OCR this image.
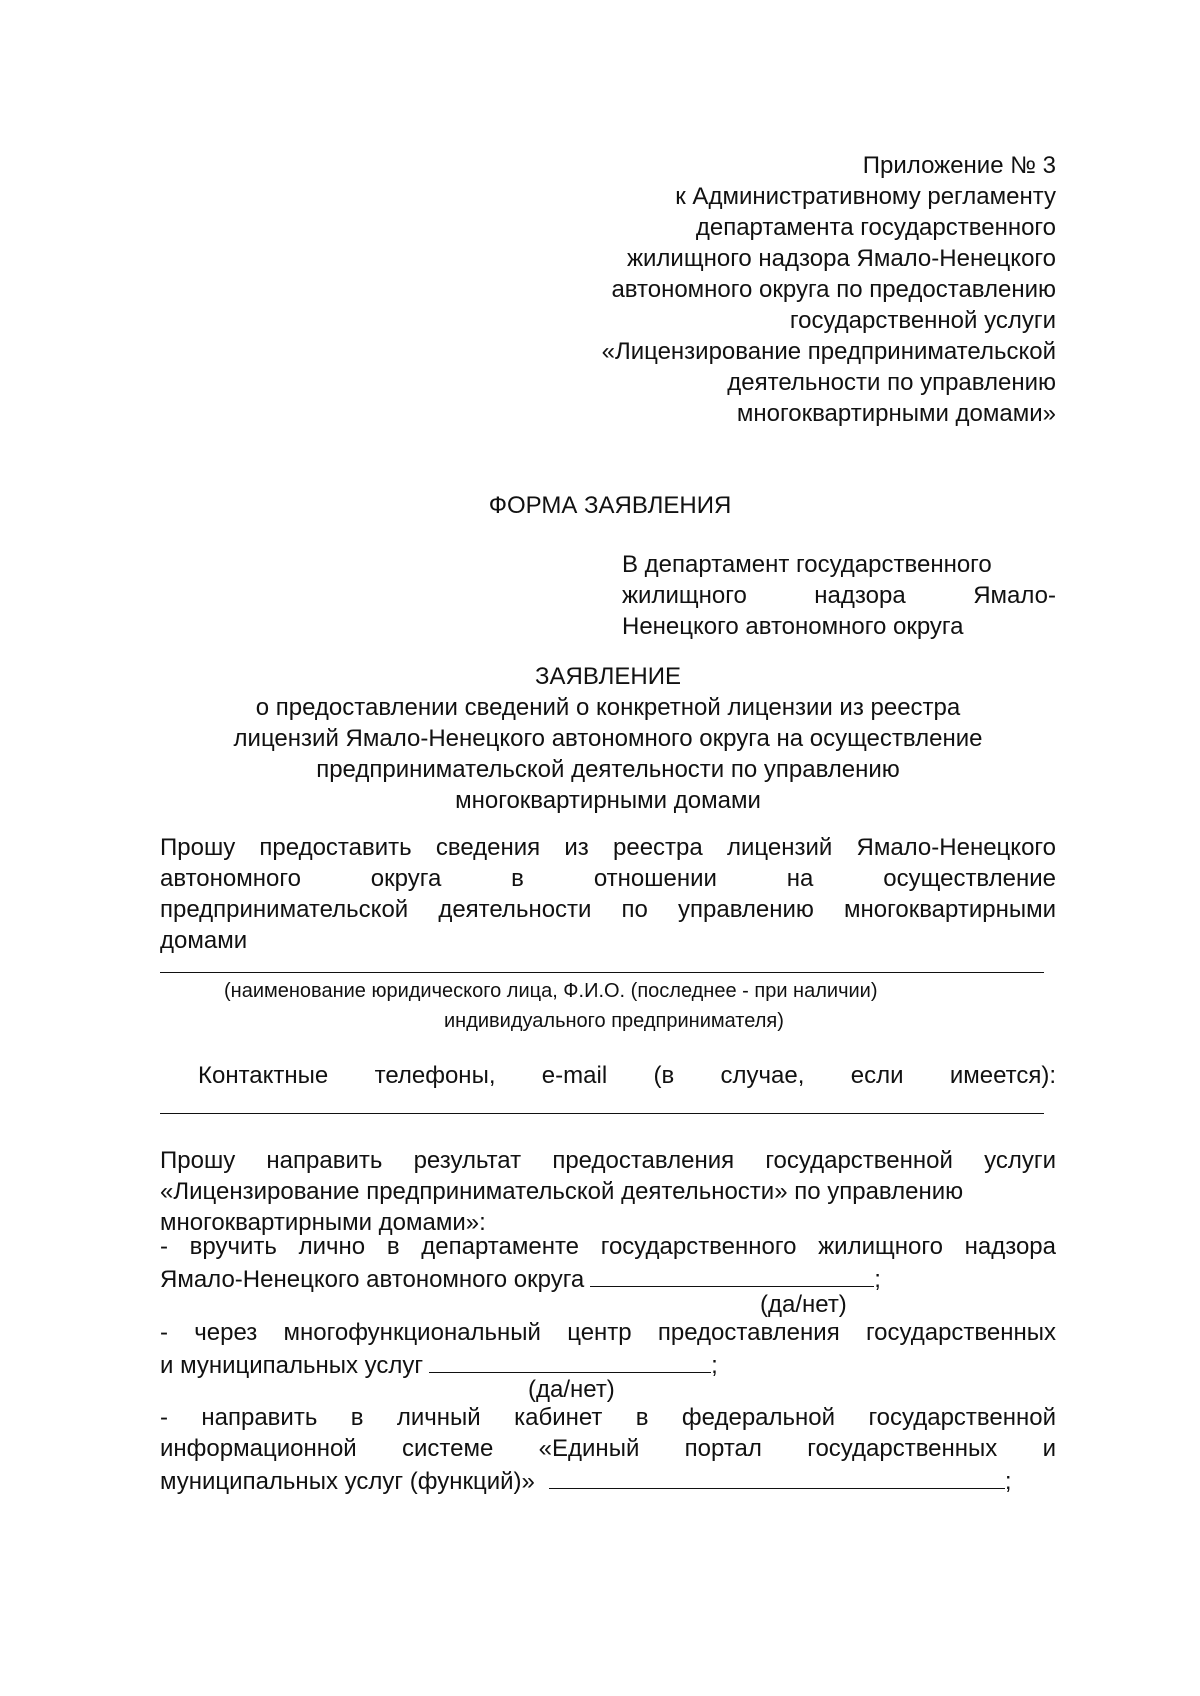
Приложение № 3

к Административному регламенту

департамента государственного

жилищного надзора Ямало-Ненецкого

автономного округа по предоставлению

государственной услуги

«Лицензирование предпринимательской

деятельности по управлению

многоквартирными домами»

ФОРМА ЗАЯВЛЕНИЯ

В департамент государственного

жилищного надзора Ямало-

Ненецкого автономного округа

ЗАЯВЛЕНИЕ

о предоставлении сведений о конкретной лицензии из реестра

лицензий Ямало-Ненецкого автономного округа на осуществление

предпринимательской деятельности по управлению

многоквартирными домами

Прошу предоставить сведения из реестра лицензий Ямало-Ненецкого

автономного округа в отношении на осуществление

предпринимательской деятельности по управлению многоквартирными

домами

(наименование юридического лица, Ф.И.О. (последнее - при наличии)

индивидуального предпринимателя)

Контактные телефоны, e-mail (в случае, если имеется):

Прошу направить результат предоставления государственной услуги

«Лицензирование предпринимательской деятельности» по управлению

многоквартирными домами»:

- вручить лично в департаменте государственного жилищного надзора

Ямало-Ненецкого автономного округа	;

(да/нет)

- через многофункциональный центр предоставления государственных

и муниципальных услуг	;

(да/нет)

- направить в личный кабинет в федеральной государственной

информационной системе «Единый портал государственных и

муниципальных услуг (функций)»	;
